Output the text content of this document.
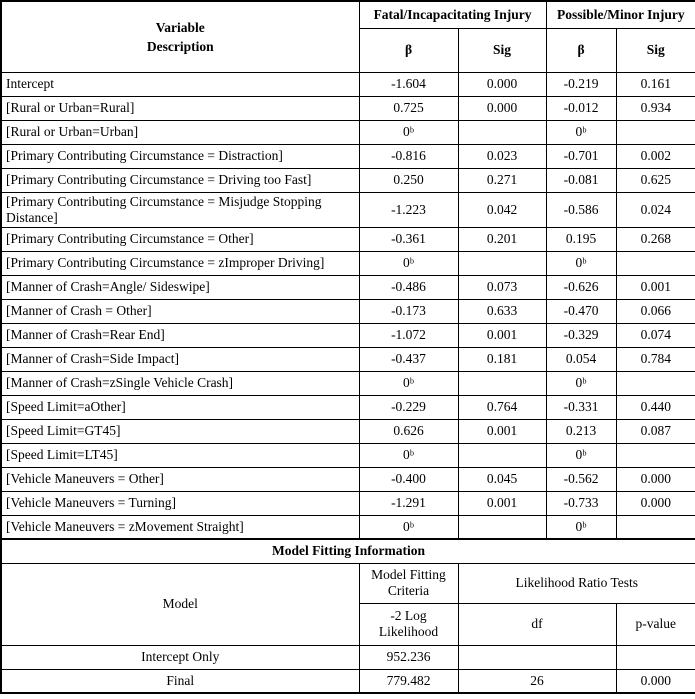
Variable
Description	Fatal/Incapacitating Injury		Possible/Minor Injury	
	β	Sig	β	Sig
Intercept	-1.604	0.000	-0.219	0.161
[Rural or Urban=Rural]	0.725	0.000	-0.012	0.934
[Rural or Urban=Urban]	0ᵇ		0ᵇ	
[Primary Contributing Circumstance = Distraction]	-0.816	0.023	-0.701	0.002
[Primary Contributing Circumstance = Driving too Fast]	0.250	0.271	-0.081	0.625
[Primary Contributing Circumstance = Misjudge Stopping Distance]	-1.223	0.042	-0.586	0.024
[Primary Contributing Circumstance = Other]	-0.361	0.201	0.195	0.268
[Primary Contributing Circumstance = zImproper Driving]	0ᵇ		0ᵇ	
[Manner of Crash=Angle/ Sideswipe]	-0.486	0.073	-0.626	0.001
[Manner of Crash = Other]	-0.173	0.633	-0.470	0.066
[Manner of Crash=Rear End]	-1.072	0.001	-0.329	0.074
[Manner of Crash=Side Impact]	-0.437	0.181	0.054	0.784
[Manner of Crash=zSingle Vehicle Crash]	0ᵇ		0ᵇ	
[Speed Limit=aOther]	-0.229	0.764	-0.331	0.440
[Speed Limit=GT45]	0.626	0.001	0.213	0.087
[Speed Limit=LT45]	0ᵇ		0ᵇ	
[Vehicle Maneuvers = Other]	-0.400	0.045	-0.562	0.000
[Vehicle Maneuvers = Turning]	-1.291	0.001	-0.733	0.000
[Vehicle Maneuvers = zMovement Straight]	0ᵇ		0ᵇ	
Model Fitting Information				
Model	Model Fitting Criteria	Likelihood Ratio Tests		
	-2 Log Likelihood	df		p-value
Intercept Only	952.236			
Final	779.482	26		0.000
